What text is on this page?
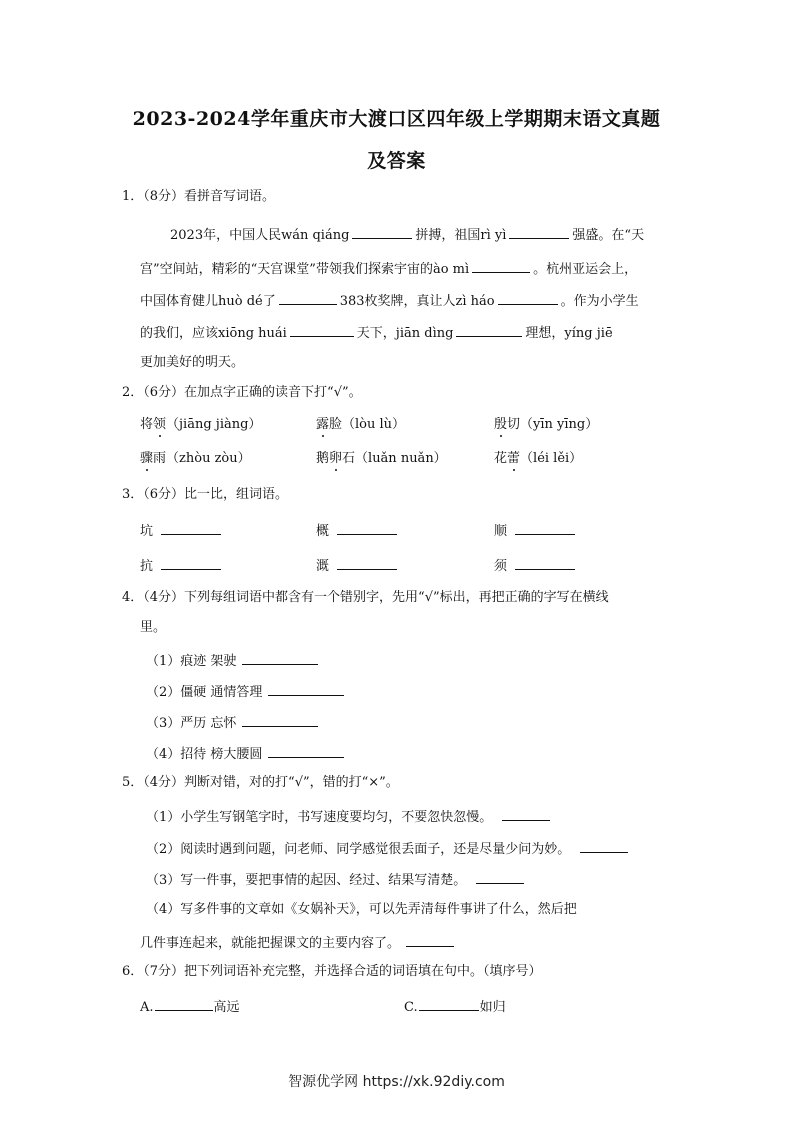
2023-2024学年重庆市大渡口区四年级上学期期末语文真题
及答案
1．（8分）看拼音写词语。
2023年，中国人民wán qiáng	拼搏，祖国rì yì	强盛。在“天
宫”空间站，精彩的“天宫课堂”带领我们探索宇宙的ào mì	。杭州亚运会上，
中国体育健儿huò dé了	383枚奖牌，真让人zì háo	。作为小学生
的我们，应该xiōng huái	天下，jiān dìng	理想，yíng jiē
更加美好的明天。
2．（6分）在加点字正确的读音下打“√”。
将领（jiāng jiàng）	露脸（lòu lù）	殷切（yīn yīng）
骤雨（zhòu zòu）	鹅卵石（luǎn nuǎn）	花蕾（léi lěi）
3．（6分）比一比，组词语。
坑	概	顺
抗	溉	须
4．（4分）下列每组词语中都含有一个错别字，先用“√”标出，再把正确的字写在横线
里。
（1）痕迹 架驶
（2）僵硬 通情答理
（3）严历 忘怀
（4）招待 榜大腰圆
5．（4分）判断对错，对的打“√”，错的打“×”。
（1）小学生写钢笔字时，书写速度要均匀，不要忽快忽慢。
（2）阅读时遇到问题，问老师、同学感觉很丢面子，还是尽量少问为妙。
（3）写一件事，要把事情的起因、经过、结果写清楚。
（4）写多件事的文章如《女娲补天》，可以先弄清每件事讲了什么，然后把
几件事连起来，就能把握课文的主要内容了。
6．（7分）把下列词语补充完整，并选择合适的词语填在句中。（填序号）
A.	高远	C.	如归
智源优学网 https://xk.92diy.com
